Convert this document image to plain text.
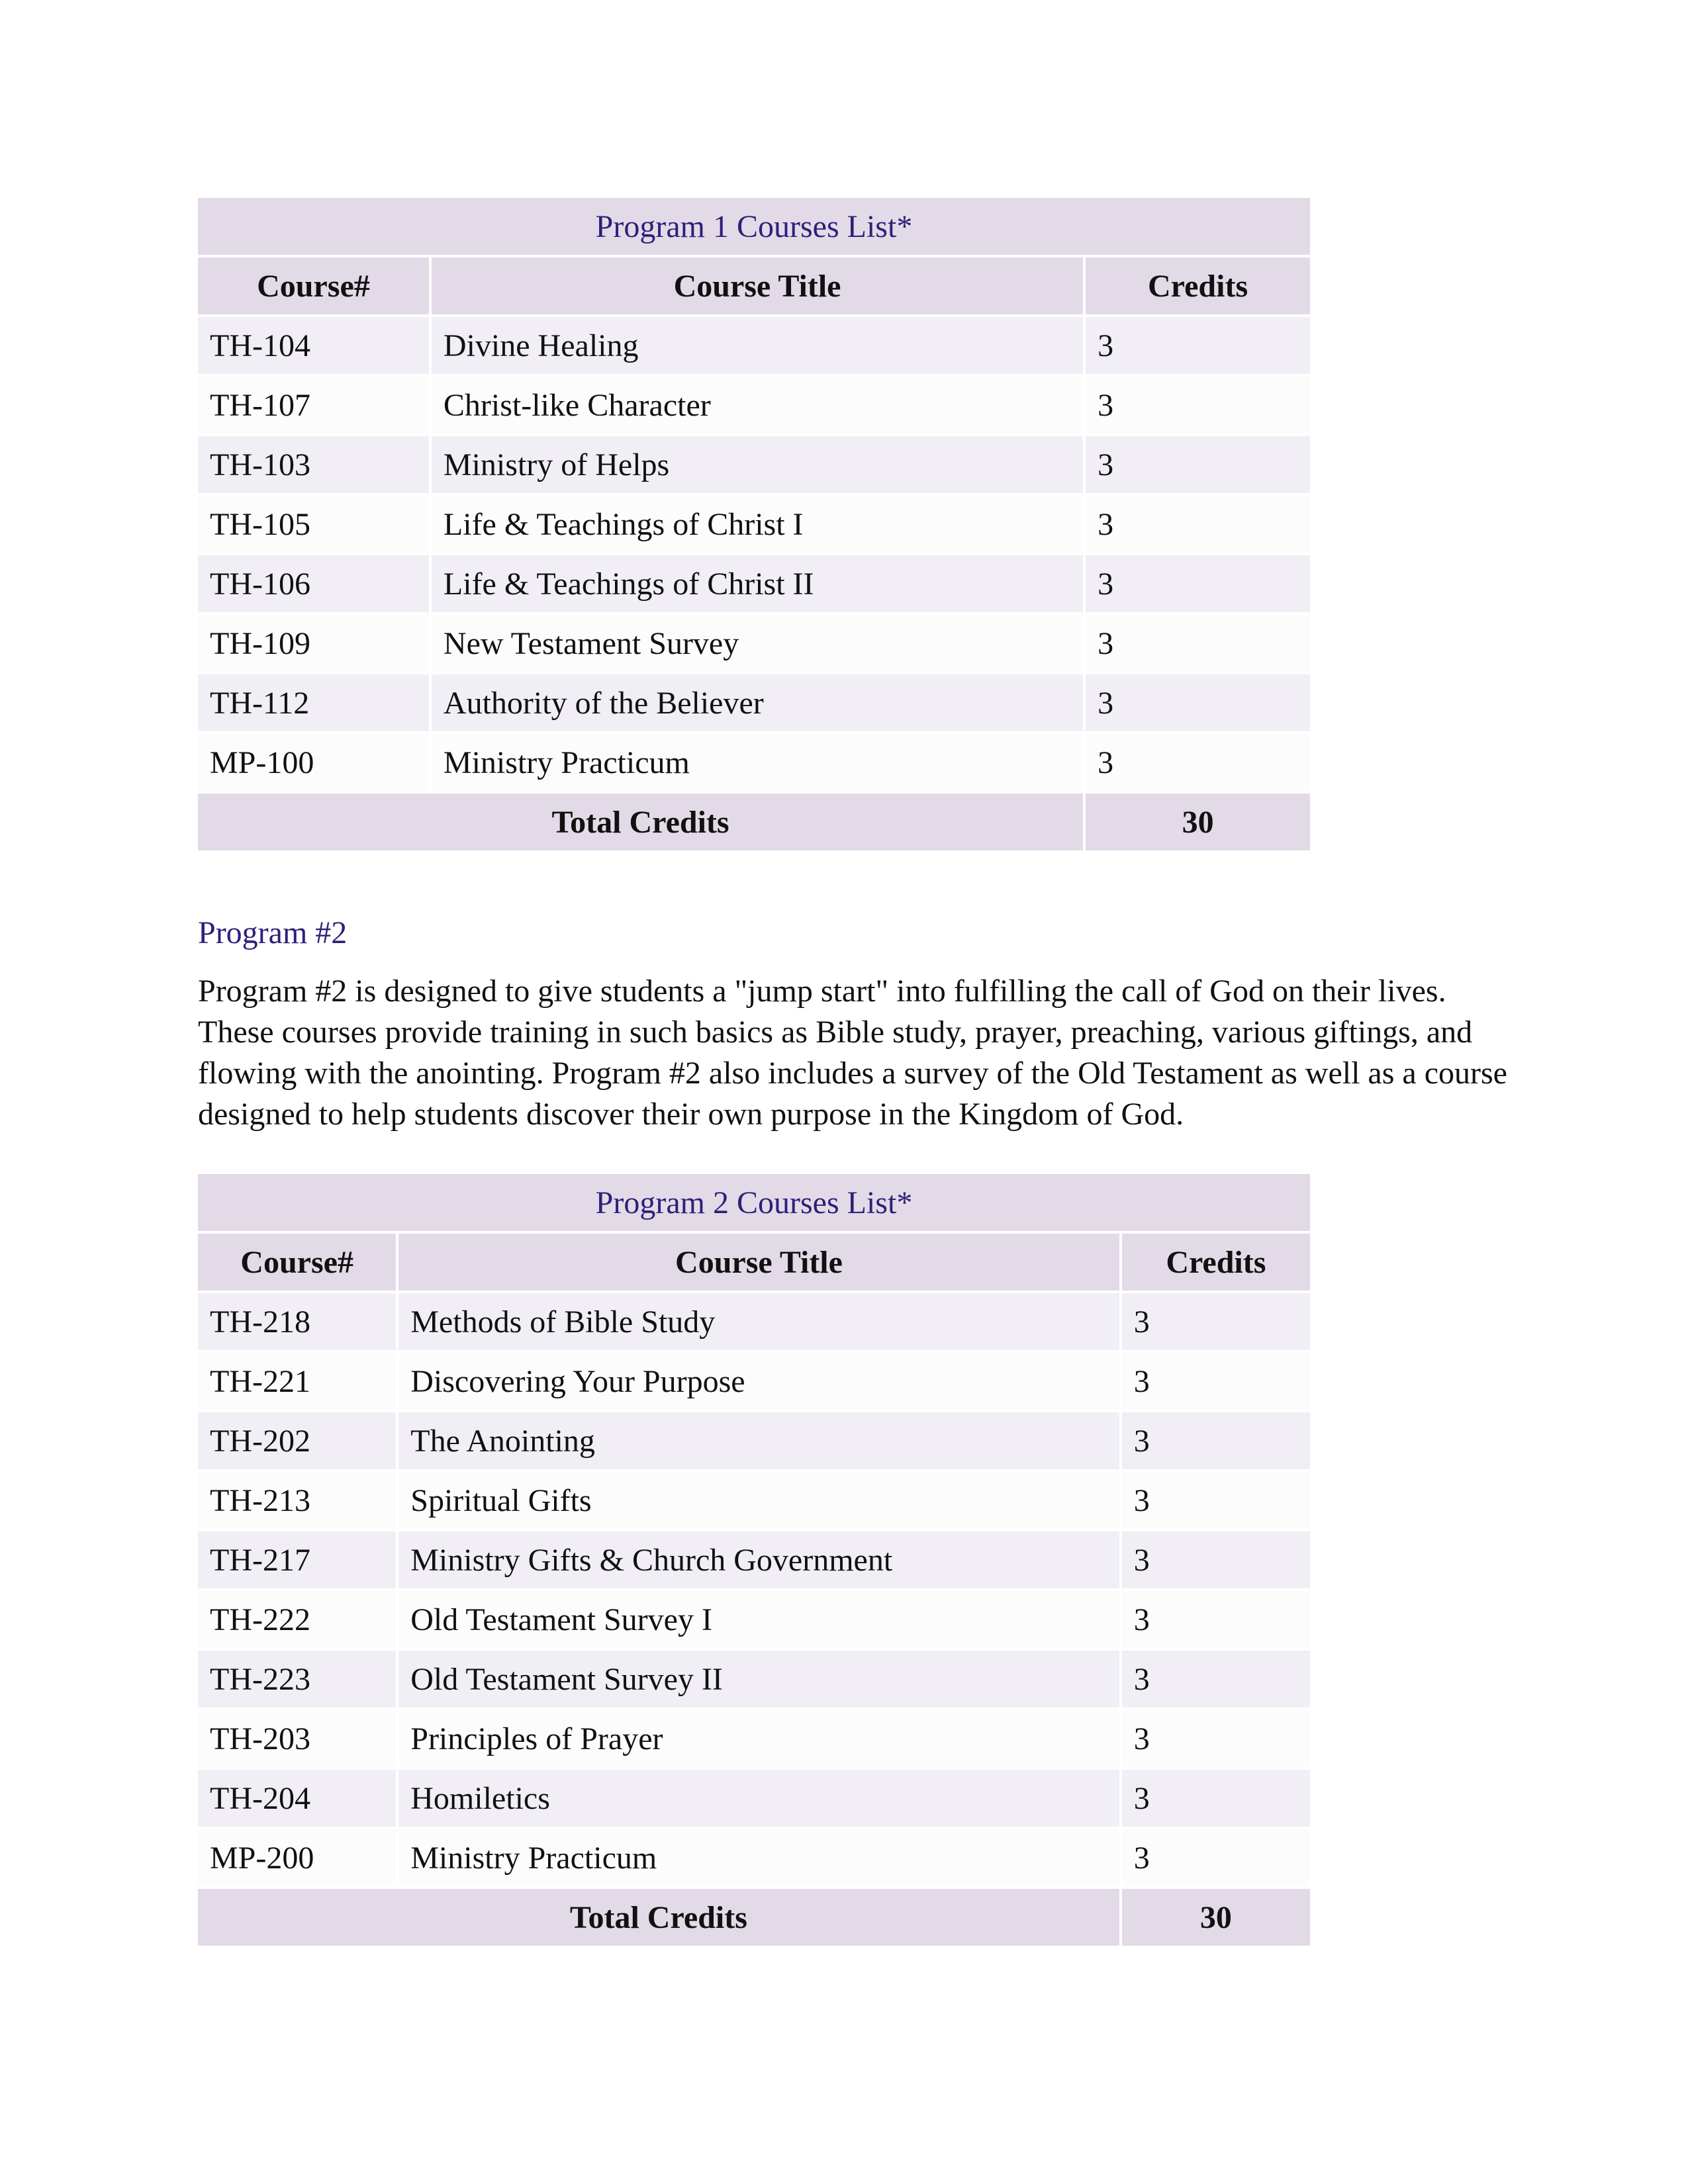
Program 1 Courses List*		
Course#	Course Title	Credits
TH-104	Divine Healing	3
TH-107	Christ-like Character	3
TH-103	Ministry of Helps	3
TH-105	Life & Teachings of Christ I	3
TH-106	Life & Teachings of Christ II	3
TH-109	New Testament Survey	3
TH-112	Authority of the Believer	3
MP-100	Ministry Practicum	3
Total Credits		30
Program #2

Program #2 is designed to give students a "jump start" into fulfilling the call of God on their lives. These courses provide training in such basics as Bible study, prayer, preaching, various giftings, and flowing with the anointing. Program #2 also includes a survey of the Old Testament as well as a course designed to help students discover their own purpose in the Kingdom of God.

Program 2 Courses List*		
Course#	Course Title	Credits
TH-218	Methods of Bible Study	3
TH-221	Discovering Your Purpose	3
TH-202	The Anointing	3
TH-213	Spiritual Gifts	3
TH-217	Ministry Gifts & Church Government	3
TH-222	Old Testament Survey I	3
TH-223	Old Testament Survey II	3
TH-203	Principles of Prayer	3
TH-204	Homiletics	3
MP-200	Ministry Practicum	3
Total Credits		30
